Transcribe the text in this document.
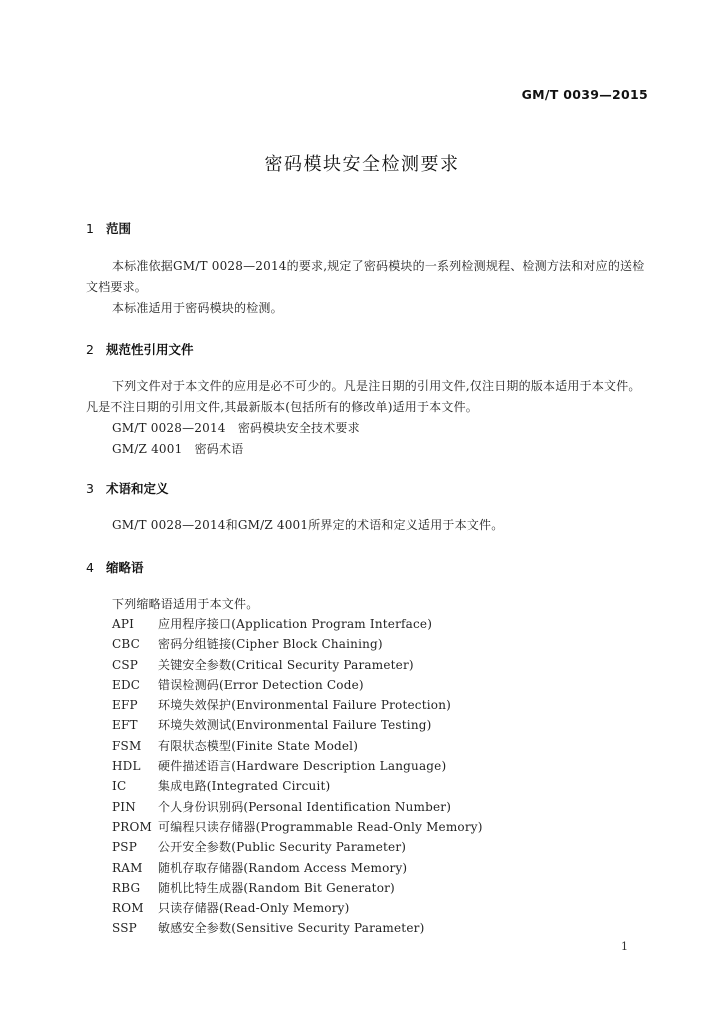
GM/T 0039—2015
密码模块安全检测要求
1 范围

本标准依据GM/T 0028—2014的要求,规定了密码模块的一系列检测规程、检测方法和对应的送检文档要求。

本标准适用于密码模块的检测。

2 规范性引用文件

下列文件对于本文件的应用是必不可少的。凡是注日期的引用文件,仅注日期的版本适用于本文件。凡是不注日期的引用文件,其最新版本(包括所有的修改单)适用于本文件。

GM/T 0028—2014　密码模块安全技术要求
GM/Z 4001　密码术语
3 术语和定义

GM/T 0028—2014和GM/Z 4001所界定的术语和定义适用于本文件。

4 缩略语

下列缩略语适用于本文件。

API 应用程序接口(Application Program Interface)
CBC 密码分组链接(Cipher Block Chaining)
CSP 关键安全参数(Critical Security Parameter)
EDC 错误检测码(Error Detection Code)
EFP 环境失效保护(Environmental Failure Protection)
EFT 环境失效测试(Environmental Failure Testing)
FSM 有限状态模型(Finite State Model)
HDL 硬件描述语言(Hardware Description Language)
IC	集成电路(Integrated Circuit)
PIN 个人身份识别码(Personal Identification Number)
PROM 可编程只读存储器(Programmable Read-Only Memory)
PSP 公开安全参数(Public Security Parameter)
RAM 随机存取存储器(Random Access Memory)
RBG 随机比特生成器(Random Bit Generator)
ROM 只读存储器(Read-Only Memory)
SSP 敏感安全参数(Sensitive Security Parameter)
1
